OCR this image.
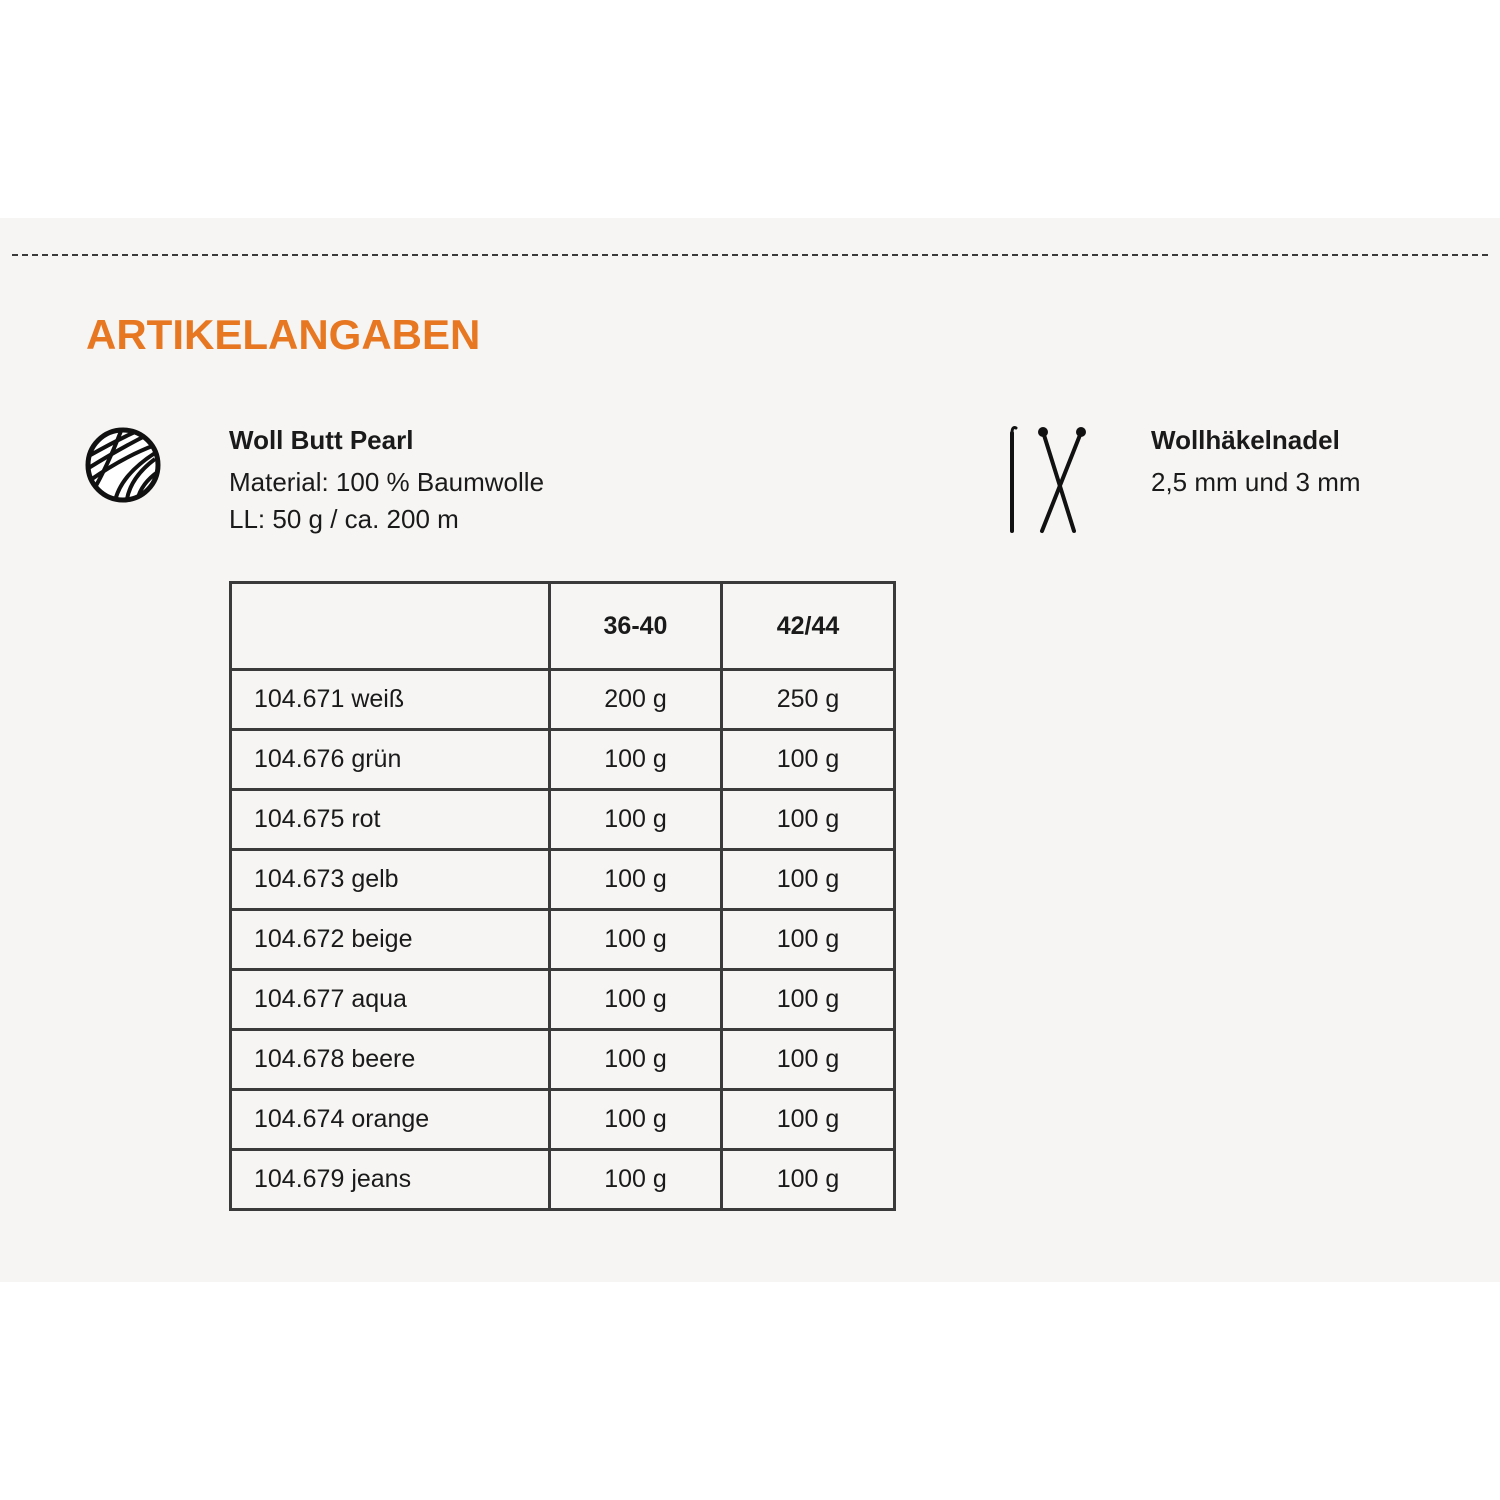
ARTIKELANGABEN
Woll Butt Pearl
Material: 100 % Baumwolle
LL: 50 g / ca. 200 m
Wollhäkelnadel
2,5 mm und 3 mm
	36-40	42/44
104.671 weiß	200 g	250 g
104.676 grün	100 g	100 g
104.675 rot	100 g	100 g
104.673 gelb	100 g	100 g
104.672 beige	100 g	100 g
104.677 aqua	100 g	100 g
104.678 beere	100 g	100 g
104.674 orange	100 g	100 g
104.679 jeans	100 g	100 g
